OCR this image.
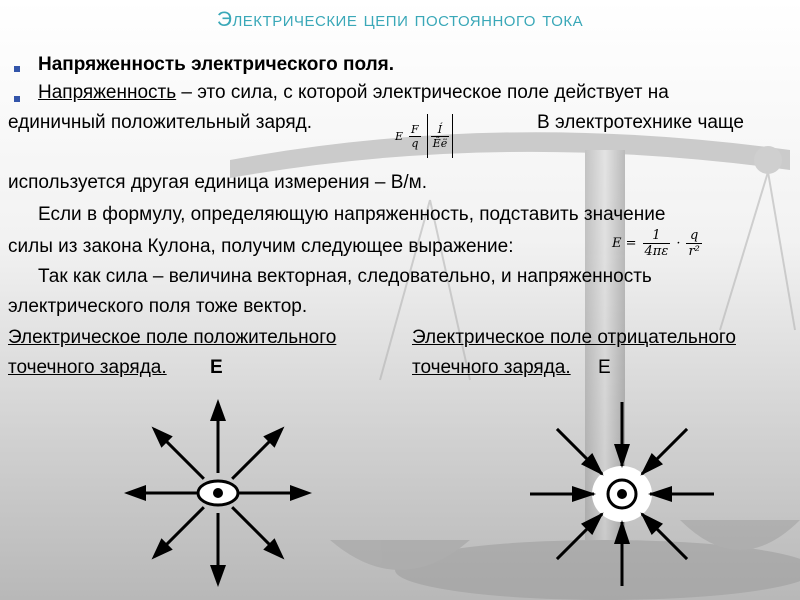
Электрические цепи постоянного тока
Напряженность электрического поля.
Напряженность – это сила, с которой электрическое поле действует на
единичный положительный заряд.
E $\frac{F}{q} \frac{Í}{Êë}$	В электротехнике чаще
используется другая единица измерения – В/м.
Если в формулу, определяющую напряженность, подставить значение
силы из закона Кулона, получим следующее выражение:	$E = \frac{1}{4\pi\varepsilon} \cdot \frac{q}{\text{r²}}$
Так как сила – величина векторная, следовательно, и напряженность
электрического поля тоже вектор.
Электрическое поле положительного	Электрическое поле отрицательного
точечного заряда. Е	точечного заряда. Е
